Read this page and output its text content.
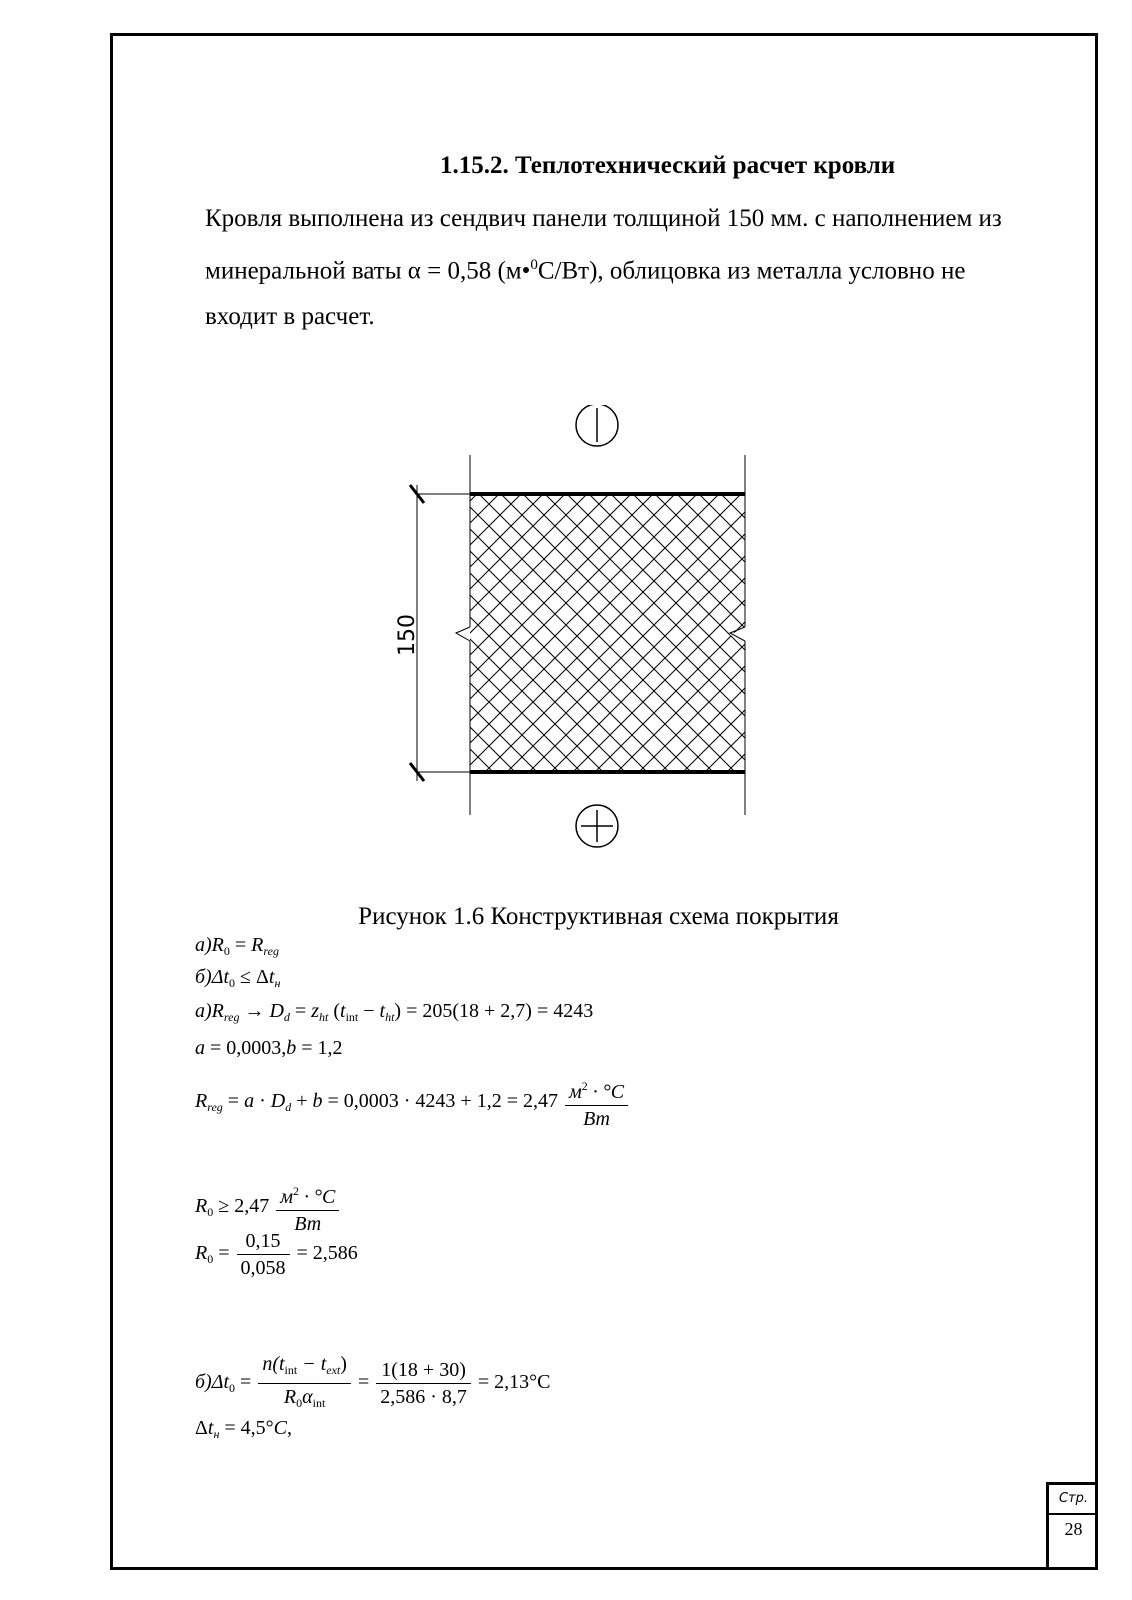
1.15.2. Теплотехнический расчет кровли
Кровля выполнена из сендвич панели толщиной 150 мм. с наполнением из
минеральной ваты α = 0,58 (м•$^0$С/Вт), облицовка из металла условно не
входит в расчет.
150
Рисунок 1.6 Конструктивная схема покрытия
$a)R_0 = R_{reg}$
$б)\Delta t_0 \le \Delta t_н$
$a)R_{reg} \to D_d = z_{ht}$ $(t_{int} - t_{ht}) = 205(18 + 2,7) = 4243$
a = 0,0003,b = 1,2
$R_{reg} = a \cdot D_d + b = 0,0003 \cdot 4243 + 1,2 = 2,47 \frac{м^2 \cdot ^\circ C}{Вт}$
$R_0 \ge 2,47 \frac{м^2 \cdot ^\circ C}{Вт}$
$R_0 = \frac{0,15}{0,058} = 2,586$
$б)\Delta t_0 = \frac{n(t_{int} - t_{ext})}{R_0\alpha_{int}} = \frac{1(18 + 30)}{2,586 \cdot 8,7} = 2,13^\circ C$
$\Delta t_н = 4,5^\circ C$,
Стр.
28
